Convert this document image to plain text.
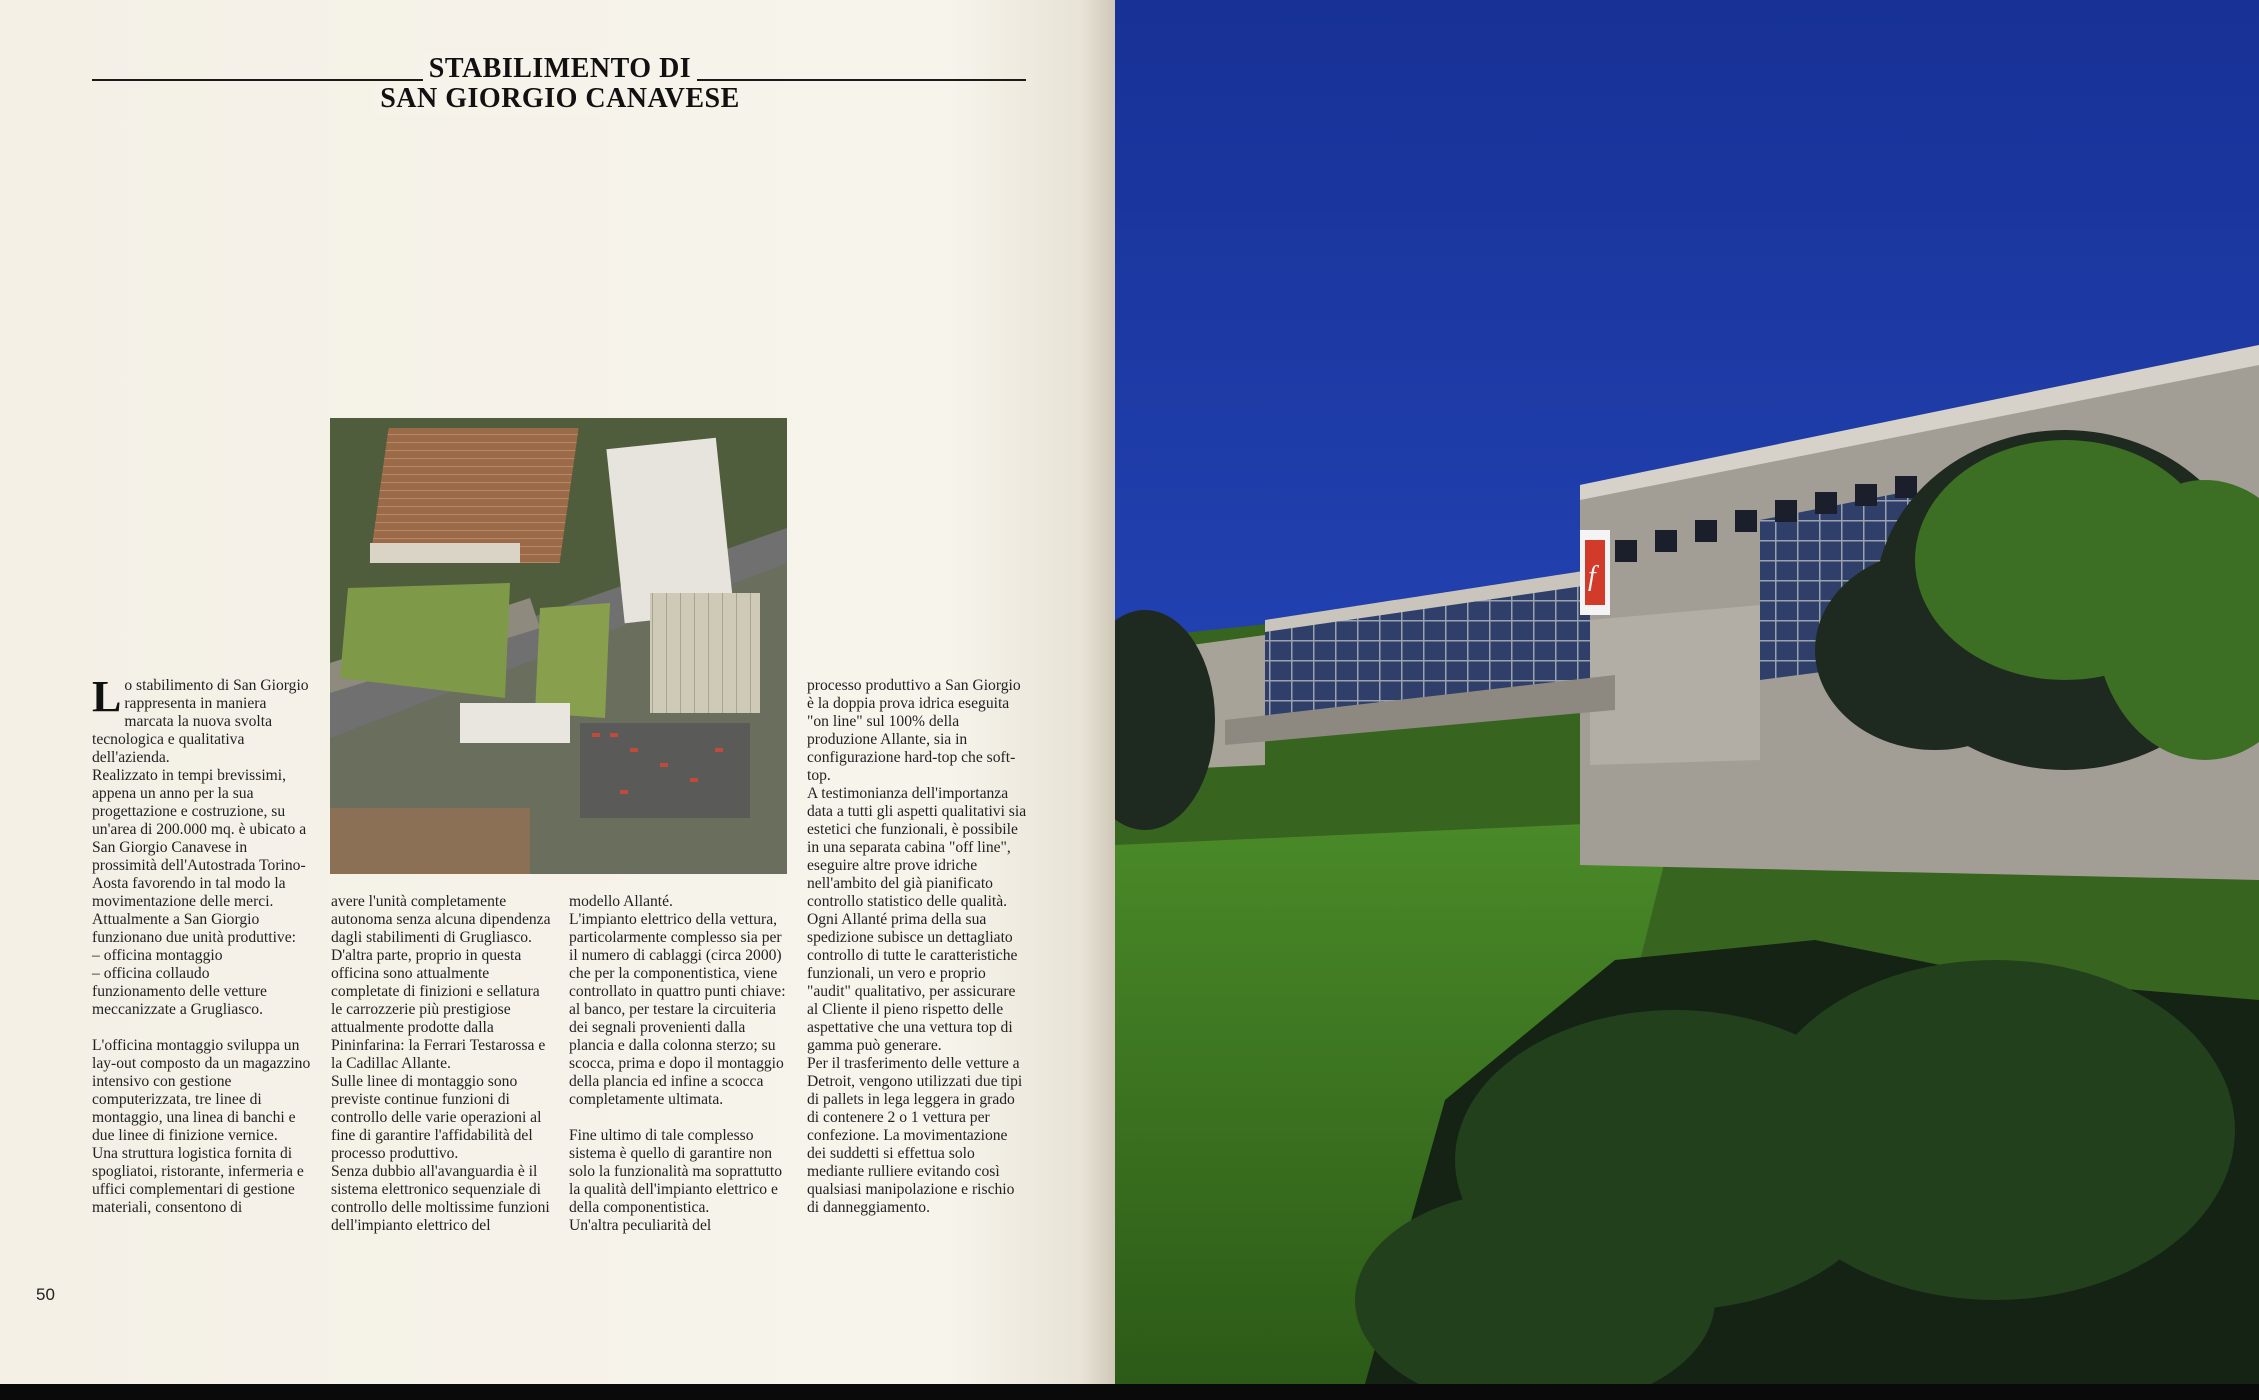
STABILIMENTO DI
SAN GIORGIO CANAVESE
Lo stabilimento di San Giorgio rappresenta in maniera marcata la nuova svolta tecnologica e qualitativa dell'azienda.
Realizzato in tempi brevissimi, appena un anno per la sua progettazione e costruzione, su un'area di 200.000 mq. è ubicato a San Giorgio Canavese in prossimità dell'Autostrada Torino-Aosta favorendo in tal modo la movimentazione delle merci.
Attualmente a San Giorgio funzionano due unità produttive:
– officina montaggio
– officina collaudo
funzionamento delle vetture
meccanizzate a Grugliasco.

L'officina montaggio sviluppa un lay-out composto da un magazzino intensivo con gestione computerizzata, tre linee di montaggio, una linea di banchi e due linee di finizione vernice.
Una struttura logistica fornita di spogliatoi, ristorante, infermeria e uffici complementari di gestione materiali, consentono di
avere l'unità completamente autonoma senza alcuna dipendenza dagli stabilimenti di Grugliasco. D'altra parte, proprio in questa officina sono attualmente completate di finizioni e sellatura le carrozzerie più prestigiose attualmente prodotte dalla Pininfarina: la Ferrari Testarossa e la Cadillac Allante.
Sulle linee di montaggio sono previste continue funzioni di controllo delle varie operazioni al fine di garantire l'affidabilità del processo produttivo.
Senza dubbio all'avanguardia è il sistema elettronico sequenziale di controllo delle moltissime funzioni dell'impianto elettrico del
modello Allanté.
L'impianto elettrico della vettura, particolarmente complesso sia per il numero di cablaggi (circa 2000) che per la componentistica, viene controllato in quattro punti chiave: al banco, per testare la circuiteria dei segnali provenienti dalla plancia e dalla colonna sterzo; su scocca, prima e dopo il montaggio della plancia ed infine a scocca completamente ultimata.

Fine ultimo di tale complesso sistema è quello di garantire non solo la funzionalità ma soprattutto la qualità dell'impianto elettrico e della componentistica.
Un'altra peculiarità del
processo produttivo a San Giorgio è la doppia prova idrica eseguita "on line" sul 100% della produzione Allante, sia in configurazione hard-top che soft-top.
A testimonianza dell'importanza data a tutti gli aspetti qualitativi sia estetici che funzionali, è possibile in una separata cabina "off line", eseguire altre prove idriche nell'ambito del già pianificato controllo statistico delle qualità.
Ogni Allanté prima della sua spedizione subisce un dettagliato controllo di tutte le caratteristiche funzionali, un vero e proprio "audit" qualitativo, per assicurare al Cliente il pieno rispetto delle aspettative che una vettura top di gamma può generare.
Per il trasferimento delle vetture a Detroit, vengono utilizzati due tipi di pallets in lega leggera in grado di contenere 2 o 1 vettura per confezione. La movimentazione dei suddetti si effettua solo mediante rulliere evitando così qualsiasi manipolazione e rischio di danneggiamento.
50
f
